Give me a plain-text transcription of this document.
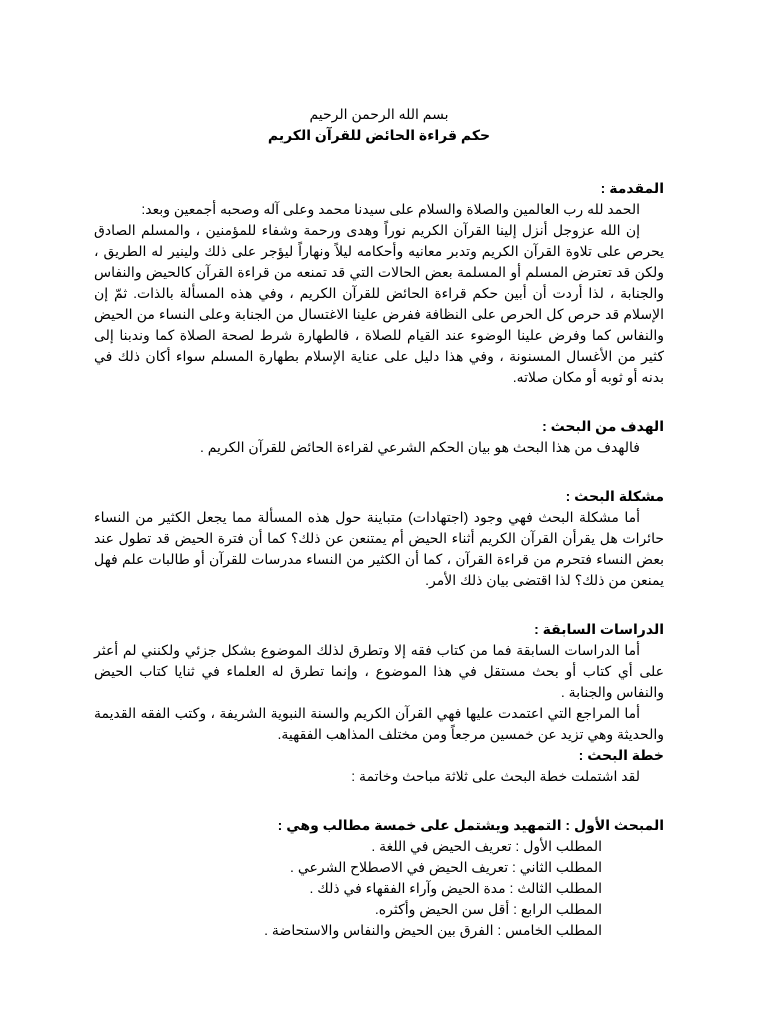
بسم الله الرحمن الرحيم
حكم قراءة الحائض للقرآن الكريم
المقدمة :
الحمد لله رب العالمين والصلاة والسلام على سيدنا محمد وعلى آله وصحبه أجمعين وبعد:
إن الله عزوجل أنزل إلينا القرآن الكريم نوراً وهدى ورحمة وشفاء للمؤمنين ، والمسلم الصادق يحرص على تلاوة القرآن الكريم وتدبر معانيه وأحكامه ليلاً ونهاراً ليؤجر على ذلك ولينير له الطريق ، ولكن قد تعترض المسلم أو المسلمة بعض الحالات التي قد تمنعه من قراءة القرآن كالحيض والنفاس والجنابة ، لذا أردت أن أبين حكم قراءة الحائض للقرآن الكريم ، وفي هذه المسألة بالذات. ثمّ إن الإسلام قد حرص كل الحرص على النظافة ففرض علينا الاغتسال من الجنابة وعلى النساء من الحيض والنفاس كما وفرض علينا الوضوء عند القيام للصلاة ، فالطهارة شرط لصحة الصلاة كما وندبنا إلى كثير من الأغسال المسنونة ، وفي هذا دليل على عناية الإسلام بطهارة المسلم سواء أكان ذلك في بدنه أو ثوبه أو مكان صلاته.
الهدف من البحث :
فالهدف من هذا البحث هو بيان الحكم الشرعي لقراءة الحائض للقرآن الكريم .
مشكلة البحث :
أما مشكلة البحث فهي وجود (اجتهادات) متباينة حول هذه المسألة مما يجعل الكثير من النساء حائرات هل يقرأن القرآن الكريم أثناء الحيض أم يمتنعن عن ذلك؟ كما أن فترة الحيض قد تطول عند بعض النساء فتحرم من قراءة القرآن ، كما أن الكثير من النساء مدرسات للقرآن أو طالبات علم فهل يمنعن من ذلك؟ لذا اقتضى بيان ذلك الأمر.
الدراسات السابقة :
أما الدراسات السابقة فما من كتاب فقه إلا وتطرق لذلك الموضوع بشكل جزئي ولكنني لم أعثر على أي كتاب أو بحث مستقل في هذا الموضوع ، وإنما تطرق له العلماء في ثنايا كتاب الحيض والنفاس والجنابة .
أما المراجع التي اعتمدت عليها فهي القرآن الكريم والسنة النبوية الشريفة ، وكتب الفقه القديمة والحديثة وهي تزيد عن خمسين مرجعاً ومن مختلف المذاهب الفقهية.
خطة البحث :
لقد اشتملت خطة البحث على ثلاثة مباحث وخاتمة :
المبحث الأول : التمهيد ويشتمل على خمسة مطالب وهي :
المطلب الأول : تعريف الحيض في اللغة .
المطلب الثاني : تعريف الحيض في الاصطلاح الشرعي .
المطلب الثالث : مدة الحيض وآراء الفقهاء في ذلك .
المطلب الرابع : أقل سن الحيض وأكثره.
المطلب الخامس : الفرق بين الحيض والنفاس والاستحاضة .
